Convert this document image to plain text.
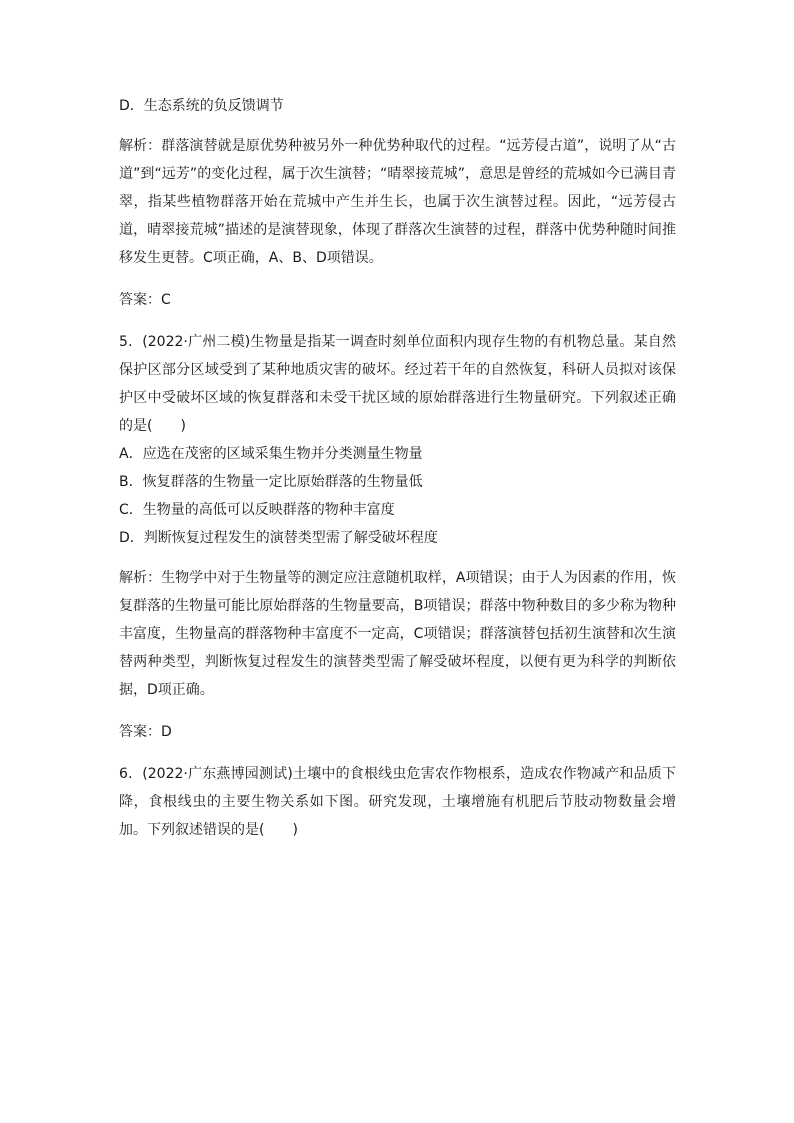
D．生态系统的负反馈调节

解析：群落演替就是原优势种被另外一种优势种取代的过程。“远芳侵古道”，说明了从“古道”到“远芳”的变化过程，属于次生演替；“晴翠接荒城”，意思是曾经的荒城如今已满目青翠，指某些植物群落开始在荒城中产生并生长，也属于次生演替过程。因此，“远芳侵古道，晴翠接荒城”描述的是演替现象，体现了群落次生演替的过程，群落中优势种随时间推移发生更替。C项正确，A、B、D项错误。

答案：C

5．(2022·广州二模)生物量是指某一调查时刻单位面积内现存生物的有机物总量。某自然保护区部分区域受到了某种地质灾害的破坏。经过若干年的自然恢复，科研人员拟对该保护区中受破坏区域的恢复群落和未受干扰区域的原始群落进行生物量研究。下列叙述正确的是(　　)

A．应选在茂密的区域采集生物并分类测量生物量

B．恢复群落的生物量一定比原始群落的生物量低

C．生物量的高低可以反映群落的物种丰富度

D．判断恢复过程发生的演替类型需了解受破坏程度

解析：生物学中对于生物量等的测定应注意随机取样，A项错误；由于人为因素的作用，恢复群落的生物量可能比原始群落的生物量要高，B项错误；群落中物种数目的多少称为物种丰富度，生物量高的群落物种丰富度不一定高，C项错误；群落演替包括初生演替和次生演替两种类型，判断恢复过程发生的演替类型需了解受破坏程度，以便有更为科学的判断依据，D项正确。

答案：D

6．(2022·广东燕博园测试)土壤中的食根线虫危害农作物根系，造成农作物减产和品质下降，食根线虫的主要生物关系如下图。研究发现，土壤增施有机肥后节肢动物数量会增加。下列叙述错误的是(　　)
